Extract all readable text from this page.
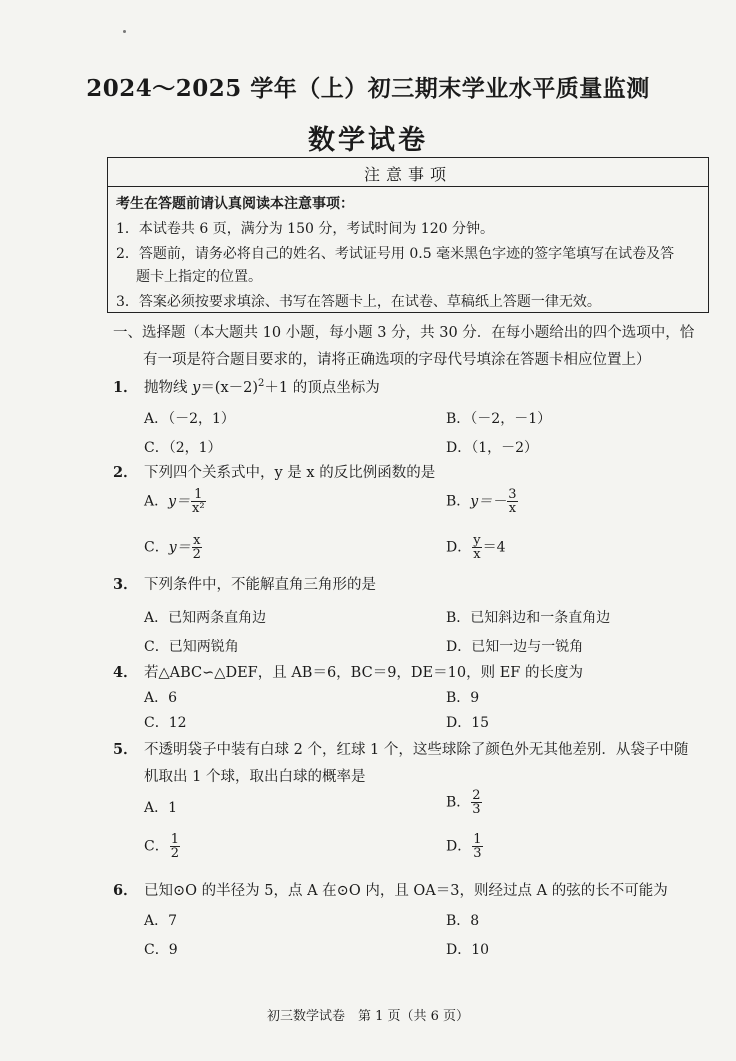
2024～2025 学年（上）初三期末学业水平质量监测
数学试卷
注意事项
考生在答题前请认真阅读本注意事项：
1．本试卷共 6 页，满分为 150 分，考试时间为 120 分钟。
2．答题前，请务必将自己的姓名、考试证号用 0.5 毫米黑色字迹的签字笔填写在试卷及答
题卡上指定的位置。
3．答案必须按要求填涂、书写在答题卡上，在试卷、草稿纸上答题一律无效。
一、选择题（本大题共 10 小题，每小题 3 分，共 30 分．在每小题给出的四个选项中，恰
有一项是符合题目要求的，请将正确选项的字母代号填涂在答题卡相应位置上）
1． 抛物线 $y=(x-2)^2+1$ 的顶点坐标为
A．（－2，1）	B．（－2，－1）
C．（2，1）	D．（1，－2）
2． 下列四个关系式中，y 是 x 的反比例函数的是
A．$y= \frac{1}{\text{x²}}$	B．$y=- \frac{3}{x}$
C．$y= \frac{x}{2}$	D． $\frac{y}{x} =4$
3． 下列条件中，不能解直角三角形的是
A．已知两条直角边	B．已知斜边和一条直角边
C．已知两锐角	D．已知一边与一锐角
4． 若△ABC∽△DEF，且 AB＝6，BC＝9，DE＝10，则 EF 的长度为
A．6	B．9
C．12	D．15
5． 不透明袋子中装有白球 2 个，红球 1 个，这些球除了颜色外无其他差别．从袋子中随
机取出 1 个球，取出白球的概率是
A．1	B． $\frac{2}{3}$
C． $\frac{1}{2}$	D． $\frac{1}{3}$
6． 已知⊙O 的半径为 5，点 A 在⊙O 内，且 OA＝3，则经过点 A 的弦的长不可能为
A．7	B．8
C．9	D．10
初三数学试卷　第 1 页（共 6 页）
